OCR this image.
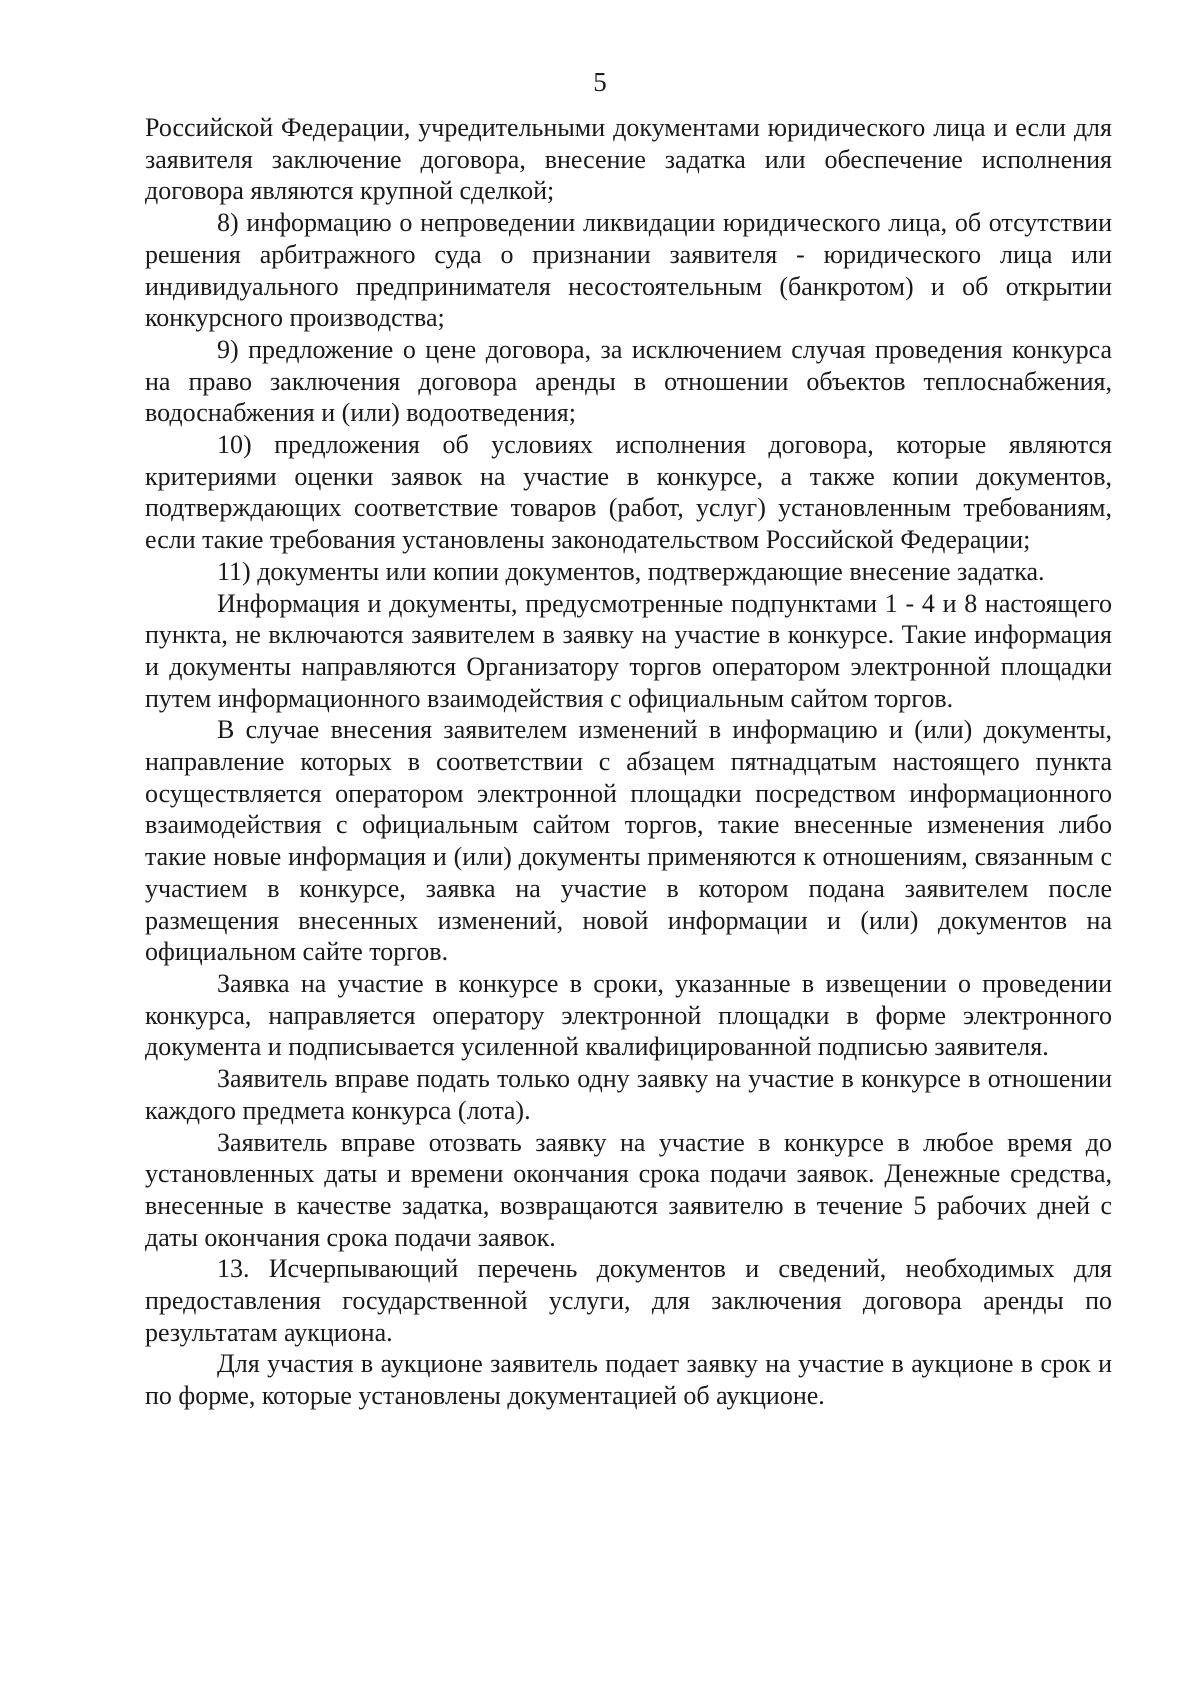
5

Российской Федерации, учредительными документами юридического лица и если для заявителя заключение договора, внесение задатка или обеспечение исполнения договора являются крупной сделкой;

8) информацию о непроведении ликвидации юридического лица, об отсутствии решения арбитражного суда о признании заявителя - юридического лица или индивидуального предпринимателя несостоятельным (банкротом) и об открытии конкурсного производства;

9) предложение о цене договора, за исключением случая проведения конкурса на право заключения договора аренды в отношении объектов теплоснабжения, водоснабжения и (или) водоотведения;

10) предложения об условиях исполнения договора, которые являются критериями оценки заявок на участие в конкурсе, а также копии документов, подтверждающих соответствие товаров (работ, услуг) установленным требованиям, если такие требования установлены законодательством Российской Федерации;

11) документы или копии документов, подтверждающие внесение задатка.

Информация и документы, предусмотренные подпунктами 1 - 4 и 8 настоящего пункта, не включаются заявителем в заявку на участие в конкурсе. Такие информация и документы направляются Организатору торгов оператором электронной площадки путем информационного взаимодействия с официальным сайтом торгов.

В случае внесения заявителем изменений в информацию и (или) документы, направление которых в соответствии с абзацем пятнадцатым настоящего пункта осуществляется оператором электронной площадки посредством информационного взаимодействия с официальным сайтом торгов, такие внесенные изменения либо такие новые информация и (или) документы применяются к отношениям, связанным с участием в конкурсе, заявка на участие в котором подана заявителем после размещения внесенных изменений, новой информации и (или) документов на официальном сайте торгов.

Заявка на участие в конкурсе в сроки, указанные в извещении о проведении конкурса, направляется оператору электронной площадки в форме электронного документа и подписывается усиленной квалифицированной подписью заявителя.

Заявитель вправе подать только одну заявку на участие в конкурсе в отношении каждого предмета конкурса (лота).

Заявитель вправе отозвать заявку на участие в конкурсе в любое время до установленных даты и времени окончания срока подачи заявок. Денежные средства, внесенные в качестве задатка, возвращаются заявителю в течение 5 рабочих дней с даты окончания срока подачи заявок.

13. Исчерпывающий перечень документов и сведений, необходимых для предоставления государственной услуги, для заключения договора аренды по результатам аукциона.

Для участия в аукционе заявитель подает заявку на участие в аукционе в срок и по форме, которые установлены документацией об аукционе.
